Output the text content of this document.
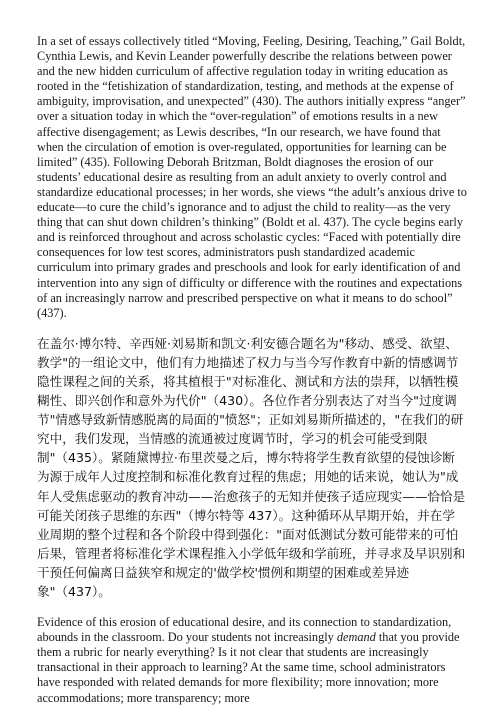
In a set of essays collectively titled “Moving, Feeling, Desiring, Teaching,” Gail Boldt, Cynthia Lewis, and Kevin Leander powerfully describe the relations between power and the new hidden curriculum of affective regulation today in writing education as rooted in the “fetishization of standardization, testing, and methods at the expense of ambiguity, improvisation, and unexpected” (430). The authors initially express “anger” over a situation today in which the “over-regulation” of emotions results in a new affective disengagement; as Lewis describes, “In our research, we have found that when the circulation of emotion is over-regulated, opportunities for learning can be limited” (435). Following Deborah Britzman, Boldt diagnoses the erosion of our students’ educational desire as resulting from an adult anxiety to overly control and standardize educational processes; in her words, she views “the adult’s anxious drive to educate—to cure the child’s ignorance and to adjust the child to reality—as the very thing that can shut down children’s thinking” (Boldt et al. 437). The cycle begins early and is reinforced throughout and across scholastic cycles: “Faced with potentially dire consequences for low test scores, administrators push standardized academic curriculum into primary grades and preschools and look for early identification of and intervention into any sign of difficulty or difference with the routines and expectations of an increasingly narrow and prescribed perspective on what it means to do school” (437).

在盖尔·博尔特、辛西娅·刘易斯和凯文·利安德合题名为"移动、感受、欲望、教学"的一组论文中，他们有力地描述了权力与当今写作教育中新的情感调节隐性课程之间的关系，将其植根于"对标准化、测试和方法的崇拜，以牺牲模糊性、即兴创作和意外为代价"（430）。各位作者分别表达了对当今"过度调节"情感导致新情感脱离的局面的"愤怒"；正如刘易斯所描述的，"在我们的研究中，我们发现，当情感的流通被过度调节时，学习的机会可能受到限制"（435）。紧随黛博拉·布里茨曼之后，博尔特将学生教育欲望的侵蚀诊断为源于成年人过度控制和标准化教育过程的焦虑；用她的话来说，她认为"成年人受焦虑驱动的教育冲动——治愈孩子的无知并使孩子适应现实——恰恰是可能关闭孩子思维的东西"（博尔特等 437）。这种循环从早期开始，并在学业周期的整个过程和各个阶段中得到强化："面对低测试分数可能带来的可怕后果，管理者将标准化学术课程推入小学低年级和学前班，并寻求及早识别和干预任何偏离日益狭窄和规定的'做学校'惯例和期望的困难或差异迹象"（437）。

Evidence of this erosion of educational desire, and its connection to standardization, abounds in the classroom. Do your students not increasingly demand that you provide them a rubric for nearly everything? Is it not clear that students are increasingly transactional in their approach to learning? At the same time, school administrators have responded with related demands for more flexibility; more innovation; more accommodations; more transparency; more
